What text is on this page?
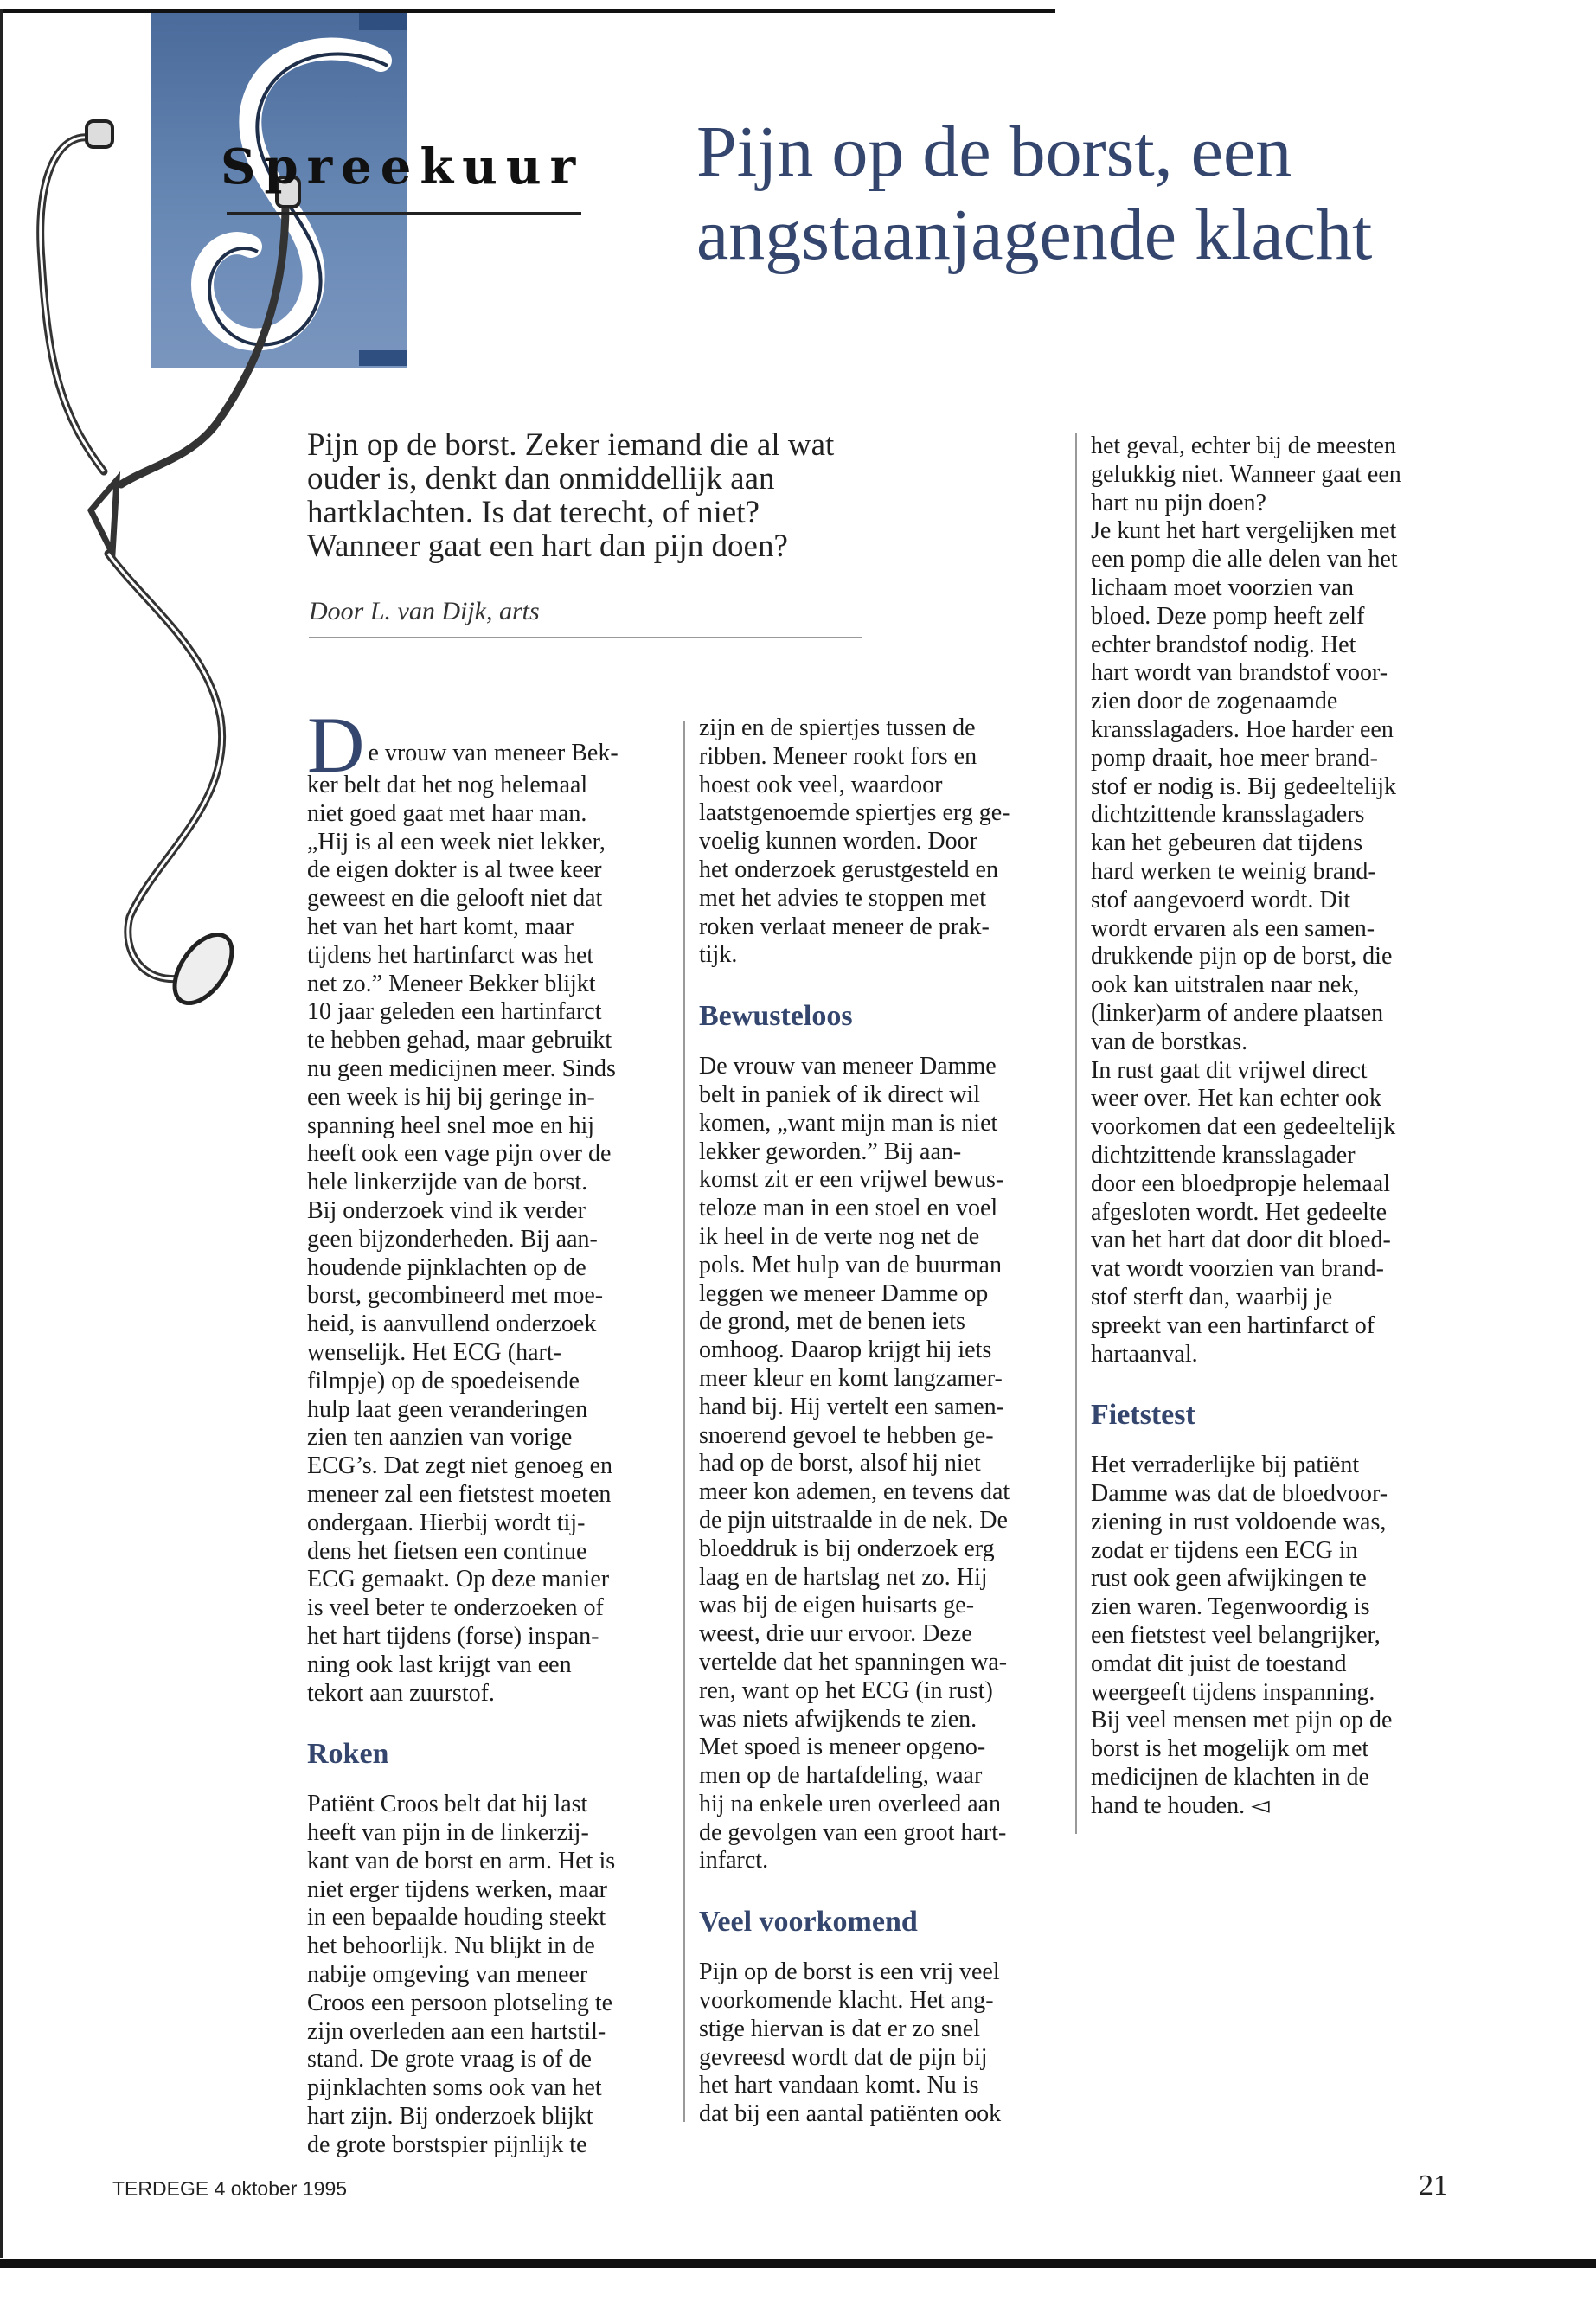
Spreekuur Pijn op de borst, een
angstaanjagende klacht
Pijn op de borst. Zeker iemand die al wat
ouder is, denkt dan onmiddellijk aan
hartklachten. Is dat terecht, of niet?
Wanneer gaat een hart dan pijn doen?
Door L. van Dijk, arts
De vrouw van meneer Bek-
ker belt dat het nog helemaal
niet goed gaat met haar man.
„Hij is al een week niet lekker,
de eigen dokter is al twee keer
geweest en die gelooft niet dat
het van het hart komt, maar
tijdens het hartinfarct was het
net zo.” Meneer Bekker blijkt
10 jaar geleden een hartinfarct
te hebben gehad, maar gebruikt
nu geen medicijnen meer. Sinds
een week is hij bij geringe in-
spanning heel snel moe en hij
heeft ook een vage pijn over de
hele linkerzijde van de borst.
Bij onderzoek vind ik verder
geen bijzonderheden. Bij aan-
houdende pijnklachten op de
borst, gecombineerd met moe-
heid, is aanvullend onderzoek
wenselijk. Het ECG (hart-
filmpje) op de spoedeisende
hulp laat geen veranderingen
zien ten aanzien van vorige
ECG’s. Dat zegt niet genoeg en
meneer zal een fietstest moeten
ondergaan. Hierbij wordt tij-
dens het fietsen een continue
ECG gemaakt. Op deze manier
is veel beter te onderzoeken of
het hart tijdens (forse) inspan-
ning ook last krijgt van een
tekort aan zuurstof.
Roken
Patiënt Croos belt dat hij last
heeft van pijn in de linkerzij-
kant van de borst en arm. Het is
niet erger tijdens werken, maar
in een bepaalde houding steekt
het behoorlijk. Nu blijkt in de
nabije omgeving van meneer
Croos een persoon plotseling te
zijn overleden aan een hartstil-
stand. De grote vraag is of de
pijnklachten soms ook van het
hart zijn. Bij onderzoek blijkt
de grote borstspier pijnlijk te
zijn en de spiertjes tussen de
ribben. Meneer rookt fors en
hoest ook veel, waardoor
laatstgenoemde spiertjes erg ge-
voelig kunnen worden. Door
het onderzoek gerustgesteld en
met het advies te stoppen met
roken verlaat meneer de prak-
tijk.
Bewusteloos
De vrouw van meneer Damme
belt in paniek of ik direct wil
komen, „want mijn man is niet
lekker geworden.” Bij aan-
komst zit er een vrijwel bewus-
teloze man in een stoel en voel
ik heel in de verte nog net de
pols. Met hulp van de buurman
leggen we meneer Damme op
de grond, met de benen iets
omhoog. Daarop krijgt hij iets
meer kleur en komt langzamer-
hand bij. Hij vertelt een samen-
snoerend gevoel te hebben ge-
had op de borst, alsof hij niet
meer kon ademen, en tevens dat
de pijn uitstraalde in de nek. De
bloeddruk is bij onderzoek erg
laag en de hartslag net zo. Hij
was bij de eigen huisarts ge-
weest, drie uur ervoor. Deze
vertelde dat het spanningen wa-
ren, want op het ECG (in rust)
was niets afwijkends te zien.
Met spoed is meneer opgeno-
men op de hartafdeling, waar
hij na enkele uren overleed aan
de gevolgen van een groot hart-
infarct.
Veel voorkomend
Pijn op de borst is een vrij veel
voorkomende klacht. Het ang-
stige hiervan is dat er zo snel
gevreesd wordt dat de pijn bij
het hart vandaan komt. Nu is
dat bij een aantal patiënten ook
het geval, echter bij de meesten
gelukkig niet. Wanneer gaat een
hart nu pijn doen?
Je kunt het hart vergelijken met
een pomp die alle delen van het
lichaam moet voorzien van
bloed. Deze pomp heeft zelf
echter brandstof nodig. Het
hart wordt van brandstof voor-
zien door de zogenaamde
kransslagaders. Hoe harder een
pomp draait, hoe meer brand-
stof er nodig is. Bij gedeeltelijk
dichtzittende kransslagaders
kan het gebeuren dat tijdens
hard werken te weinig brand-
stof aangevoerd wordt. Dit
wordt ervaren als een samen-
drukkende pijn op de borst, die
ook kan uitstralen naar nek,
(linker)arm of andere plaatsen
van de borstkas.
In rust gaat dit vrijwel direct
weer over. Het kan echter ook
voorkomen dat een gedeeltelijk
dichtzittende kransslagader
door een bloedpropje helemaal
afgesloten wordt. Het gedeelte
van het hart dat door dit bloed-
vat wordt voorzien van brand-
stof sterft dan, waarbij je
spreekt van een hartinfarct of
hartaanval.
Fietstest
Het verraderlijke bij patiënt
Damme was dat de bloedvoor-
ziening in rust voldoende was,
zodat er tijdens een ECG in
rust ook geen afwijkingen te
zien waren. Tegenwoordig is
een fietstest veel belangrijker,
omdat dit juist de toestand
weergeeft tijdens inspanning.
Bij veel mensen met pijn op de
borst is het mogelijk om met
medicijnen de klachten in de
hand te houden. ◅
TERDEGE 4 oktober 1995	21
